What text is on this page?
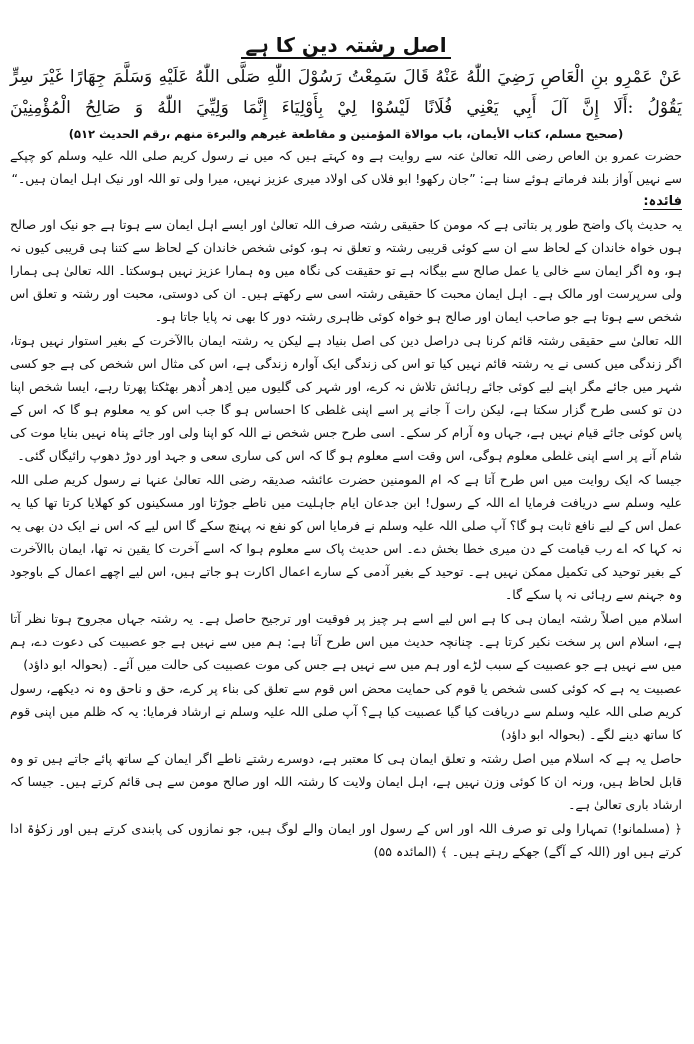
اصل رشتہ دین کا ہے

عَنْ عَمْرِو بنِ الْعَاصِ رَضِيَ اللّٰهُ عَنْهُ قَالَ سَمِعْتُ رَسُوْلَ اللّٰهِ صَلَّى اللّٰهُ عَلَيْهِ وَسَلَّمَ جِهَارًا غَيْرَ سِرٍّ

يَقُوْلُ :أَلَا إِنَّ آلَ أَبِي يَعْنِي فُلَانًا لَيْسُوْا لِيْ بِأَوْلِيَاءَ إِنَّمَا وَلِيِّيَ اللّٰهُ وَ صَالِحُ الْمُؤْمِنِيْنَ

(صحيح مسلم، كتاب الأيمان، باب موالاة المؤمنين و مقاطعة غيرهم والبرءة منهم ،رقم الحديث ۵۱۲)

حضرت عمرو بن العاص رضی اللہ تعالیٰ عنہ سے روایت ہے وہ کہتے ہیں کہ میں نے رسول کریم صلی اللہ علیہ وسلم کو چپکے سے نہیں آواز بلند فرماتے ہوئے سنا ہے: ”جان رکھو! ابو فلاں کی اولاد میری عزیز نہیں، میرا ولی تو اللہ اور نیک اہل ایمان ہیں۔“

فائدہ:

یہ حدیث پاک واضح طور پر بتاتی ہے کہ مومن کا حقیقی رشتہ صرف اللہ تعالیٰ اور ایسے اہل ایمان سے ہوتا ہے جو نیک اور صالح ہوں خواہ خاندان کے لحاظ سے ان سے کوئی قریبی رشتہ و تعلق نہ ہو، کوئی شخص خاندان کے لحاظ سے کتنا ہی قریبی کیوں نہ ہو، وہ اگر ایمان سے خالی یا عمل صالح سے بیگانہ ہے تو حقیقت کی نگاہ میں وہ ہمارا عزیز نہیں ہوسکتا۔ اللہ تعالیٰ ہی ہمارا ولی سرپرست اور مالک ہے۔ اہل ایمان محبت کا حقیقی رشتہ اسی سے رکھتے ہیں۔ ان کی دوستی، محبت اور رشتہ و تعلق اس شخص سے ہوتا ہے جو صاحب ایمان اور صالح ہو خواہ کوئی ظاہری رشتہ دور کا بھی نہ پایا جاتا ہو۔

اللہ تعالیٰ سے حقیقی رشتہ قائم کرنا ہی دراصل دین کی اصل بنیاد ہے لیکن یہ رشتہ ایمان باالآخرت کے بغیر استوار نہیں ہوتا، اگر زندگی میں کسی نے یہ رشتہ قائم نہیں کیا تو اس کی زندگی ایک آوارہ زندگی ہے، اس کی مثال اس شخص کی ہے جو کسی شہر میں جائے مگر اپنے لیے کوئی جائے رہائش تلاش نہ کرے، اور شہر کی گلیوں میں اِدھر اُدھر بھٹکتا پھرتا رہے، ایسا شخص اپنا دن تو کسی طرح گزار سکتا ہے، لیکن رات آ جانے پر اسے اپنی غلطی کا احساس ہو گا جب اس کو یہ معلوم ہو گا کہ اس کے پاس کوئی جائے قیام نہیں ہے، جہاں وہ آرام کر سکے۔ اسی طرح جس شخص نے اللہ کو اپنا ولی اور جائے پناہ نہیں بنایا موت کی شام آنے پر اسے اپنی غلطی معلوم ہوگی، اس وقت اسے معلوم ہو گا کہ اس کی ساری سعی و جہد اور دوڑ دھوپ رائیگاں گئی۔

جیسا کہ ایک روایت میں اس طرح آتا ہے کہ ام المومنین حضرت عائشہ صدیقہ رضی اللہ تعالیٰ عنہا نے رسول کریم صلی اللہ علیہ وسلم سے دریافت فرمایا اے اللہ کے رسول! ابن جدعان ایام جاہلیت میں ناطے جوڑتا اور مسکینوں کو کھلایا کرتا تھا کیا یہ عمل اس کے لیے نافع ثابت ہو گا؟ آپ صلی اللہ علیہ وسلم نے فرمایا اس کو نفع نہ پہنچ سکے گا اس لیے کہ اس نے ایک دن بھی یہ نہ کہا کہ اے رب قیامت کے دن میری خطا بخش دے۔ اس حدیث پاک سے معلوم ہوا کہ اسے آخرت کا یقین نہ تھا، ایمان باالآخرت کے بغیر توحید کی تکمیل ممکن نہیں ہے۔ توحید کے بغیر آدمی کے سارے اعمال اکارت ہو جاتے ہیں، اس لیے اچھے اعمال کے باوجود وہ جہنم سے رہائی نہ پا سکے گا۔

اسلام میں اصلاً رشتہ ایمان ہی کا ہے اس لیے اسے ہر چیز پر فوقیت اور ترجیح حاصل ہے۔ یہ رشتہ جہاں مجروح ہوتا نظر آتا ہے، اسلام اس پر سخت نکیر کرتا ہے۔ چنانچہ حدیث میں اس طرح آتا ہے: ہم میں سے نہیں ہے جو عصبیت کی دعوت دے، ہم میں سے نہیں ہے جو عصبیت کے سبب لڑے اور ہم میں سے نہیں ہے جس کی موت عصبیت کی حالت میں آئے۔ (بحوالہ ابو داؤد)

عصبیت یہ ہے کہ کوئی کسی شخص یا قوم کی حمایت محض اس قوم سے تعلق کی بناء پر کرے، حق و ناحق وہ نہ دیکھے، رسول کریم صلی اللہ علیہ وسلم سے دریافت کیا گیا عصبیت کیا ہے؟ آپ صلی اللہ علیہ وسلم نے ارشاد فرمایا: یہ کہ ظلم میں اپنی قوم کا ساتھ دینے لگے۔ (بحوالہ ابو داؤد)

حاصل یہ ہے کہ اسلام میں اصل رشتہ و تعلق ایمان ہی کا معتبر ہے، دوسرے رشتے ناطے اگر ایمان کے ساتھ پائے جاتے ہیں تو وہ قابل لحاظ ہیں، ورنہ ان کا کوئی وزن نہیں ہے، اہل ایمان ولایت کا رشتہ اللہ اور صالح مومن سے ہی قائم کرتے ہیں۔ جیسا کہ ارشاد باری تعالیٰ ہے۔

﴿ (مسلمانو!) تمہارا ولی تو صرف اللہ اور اس کے رسول اور ایمان والے لوگ ہیں، جو نمازوں کی پابندی کرتے ہیں اور زکوٰۃ ادا کرتے ہیں اور (اللہ کے آگے) جھکے رہتے ہیں۔ ﴾ (المائدہ ۵۵)
